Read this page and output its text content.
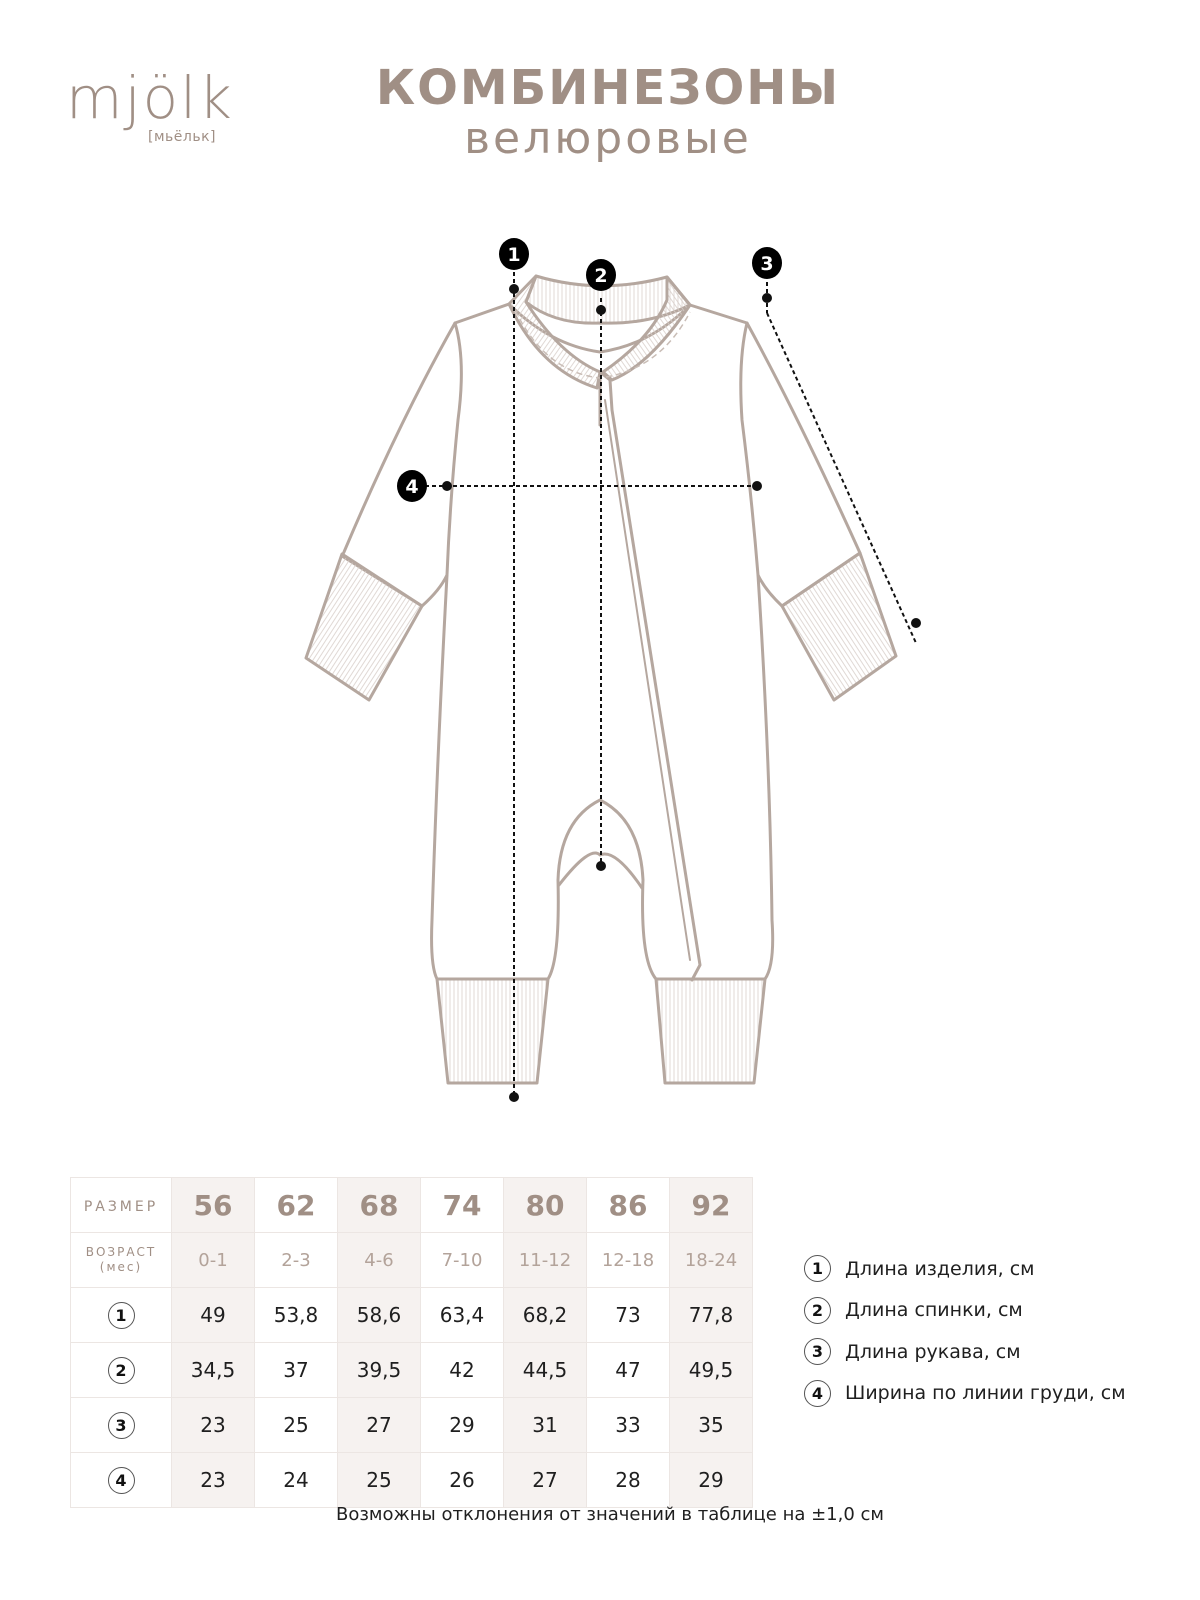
mjölk
[мьёльк]
КОМБИНЕЗОНЫ
велюровые
1
2
3
4
РАЗМЕР	56	62	68	74	80	86	92

ВОЗРАСТ
(мес)	0-1	2-3	4-6	7-10	11-12	12-18	18-24
1	49	53,8	58,6	63,4	68,2	73	77,8
2	34,5	37	39,5	42	44,5	47	49,5
3	23	25	27	29	31	33	35
4	23	24	25	26	27	28	29
1	Длина изделия, см
2	Длина спинки, см
3	Длина рукава, см
4	Ширина по линии груди, см
Возможны отклонения от значений в таблице на ±1,0 см
